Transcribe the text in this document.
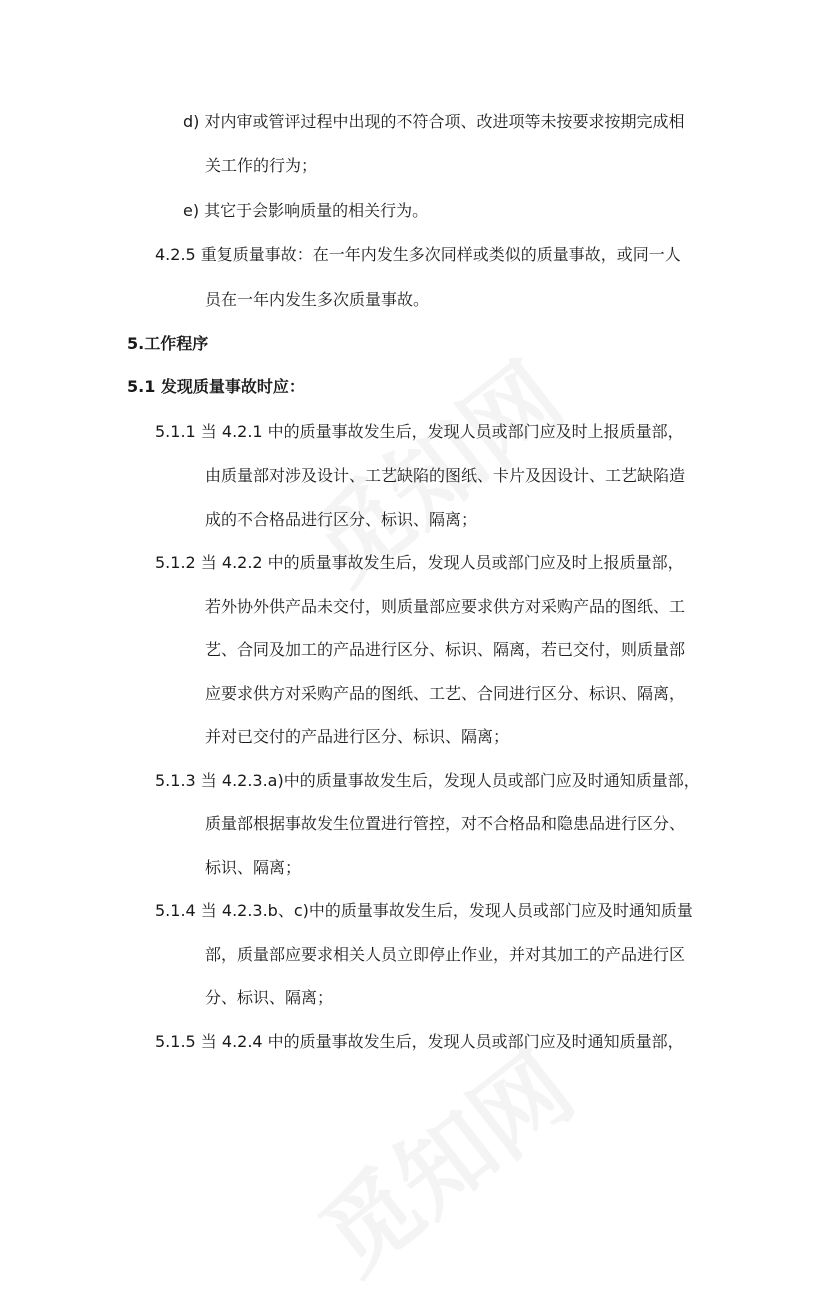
d) 对内审或管评过程中出现的不符合项、改进项等未按要求按期完成相
关工作的行为；
e) 其它于会影响质量的相关行为。
4.2.5 重复质量事故：在一年内发生多次同样或类似的质量事故，或同一人
员在一年内发生多次质量事故。
5.工作程序
5.1 发现质量事故时应：
5.1.1 当 4.2.1 中的质量事故发生后，发现人员或部门应及时上报质量部，
由质量部对涉及设计、工艺缺陷的图纸、卡片及因设计、工艺缺陷造
成的不合格品进行区分、标识、隔离；
5.1.2 当 4.2.2 中的质量事故发生后，发现人员或部门应及时上报质量部，
若外协外供产品未交付，则质量部应要求供方对采购产品的图纸、工
艺、合同及加工的产品进行区分、标识、隔离，若已交付，则质量部
应要求供方对采购产品的图纸、工艺、合同进行区分、标识、隔离，
并对已交付的产品进行区分、标识、隔离；
5.1.3 当 4.2.3.a)中的质量事故发生后，发现人员或部门应及时通知质量部，
质量部根据事故发生位置进行管控，对不合格品和隐患品进行区分、
标识、隔离；
5.1.4 当 4.2.3.b、c)中的质量事故发生后，发现人员或部门应及时通知质量
部，质量部应要求相关人员立即停止作业，并对其加工的产品进行区
分、标识、隔离；
5.1.5 当 4.2.4 中的质量事故发生后，发现人员或部门应及时通知质量部，
